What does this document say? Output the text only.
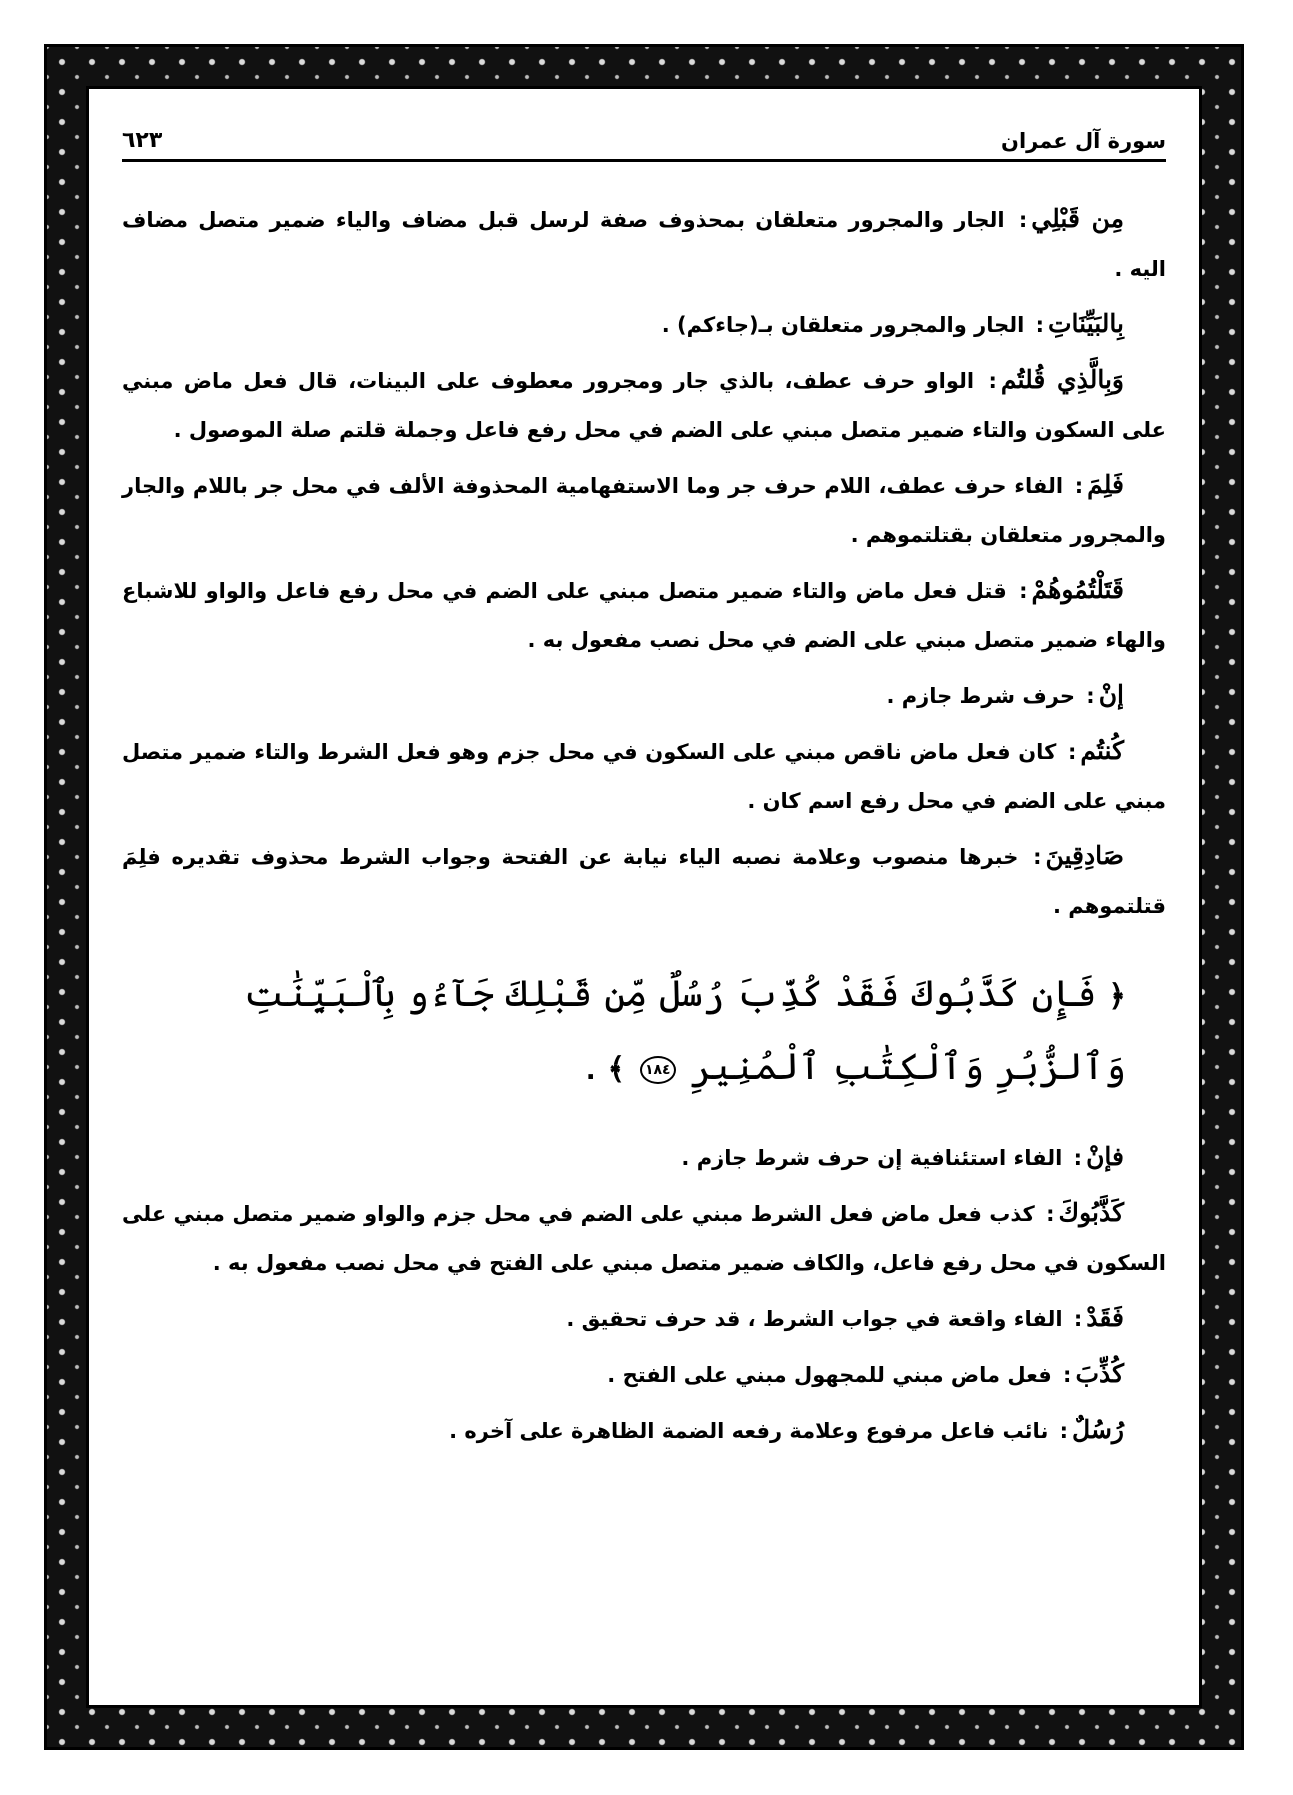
٦٢٣	سورة آل عمران

مِن قَبْلِي: الجار والمجرور متعلقان بمحذوف صفة لرسل قبل مضاف والياء ضمير متصل مضاف اليه .

بِالبَيِّنَاتِ: الجار والمجرور متعلقان بـ(جاءكم) .

وَبِالَّذِي قُلتُم: الواو حرف عطف، بالذي جار ومجرور معطوف على البينات، قال فعل ماض مبني على السكون والتاء ضمير متصل مبني على الضم في محل رفع فاعل وجملة قلتم صلة الموصول .

فَلِمَ: الفاء حرف عطف، اللام حرف جر وما الاستفهامية المحذوفة الألف في محل جر باللام والجار والمجرور متعلقان بقتلتموهم .

قَتَلْتُمُوهُمْ: قتل فعل ماض والتاء ضمير متصل مبني على الضم في محل رفع فاعل والواو للاشباع والهاء ضمير متصل مبني على الضم في محل نصب مفعول به .

إنْ: حرف شرط جازم .

كُنتُم: كان فعل ماض ناقص مبني على السكون في محل جزم وهو فعل الشرط والتاء ضمير متصل مبني على الضم في محل رفع اسم كان .

صَادِقِينَ: خبرها منصوب وعلامة نصبه الياء نيابة عن الفتحة وجواب الشرط محذوف تقديره فلِمَ قتلتموهم .

﴿ فَإِن كَذَّبُوكَ فَقَدْ كُذِّبَ رُسُلٌ مِّن قَبْلِكَ جَآءُو بِٱلْبَيِّنَٰتِ وَٱلزُّبُرِ وَٱلْكِتَٰبِ ٱلْمُنِيرِ ١٨٤ ﴾ .

فإنْ: الفاء استئنافية إن حرف شرط جازم .

كَذَّبُوكَ: كذب فعل ماض فعل الشرط مبني على الضم في محل جزم والواو ضمير متصل مبني على السكون في محل رفع فاعل، والكاف ضمير متصل مبني على الفتح في محل نصب مفعول به .

فَقَدْ: الفاء واقعة في جواب الشرط ، قد حرف تحقيق .

كُذِّبَ: فعل ماض مبني للمجهول مبني على الفتح .

رُسُلٌ: نائب فاعل مرفوع وعلامة رفعه الضمة الظاهرة على آخره .
